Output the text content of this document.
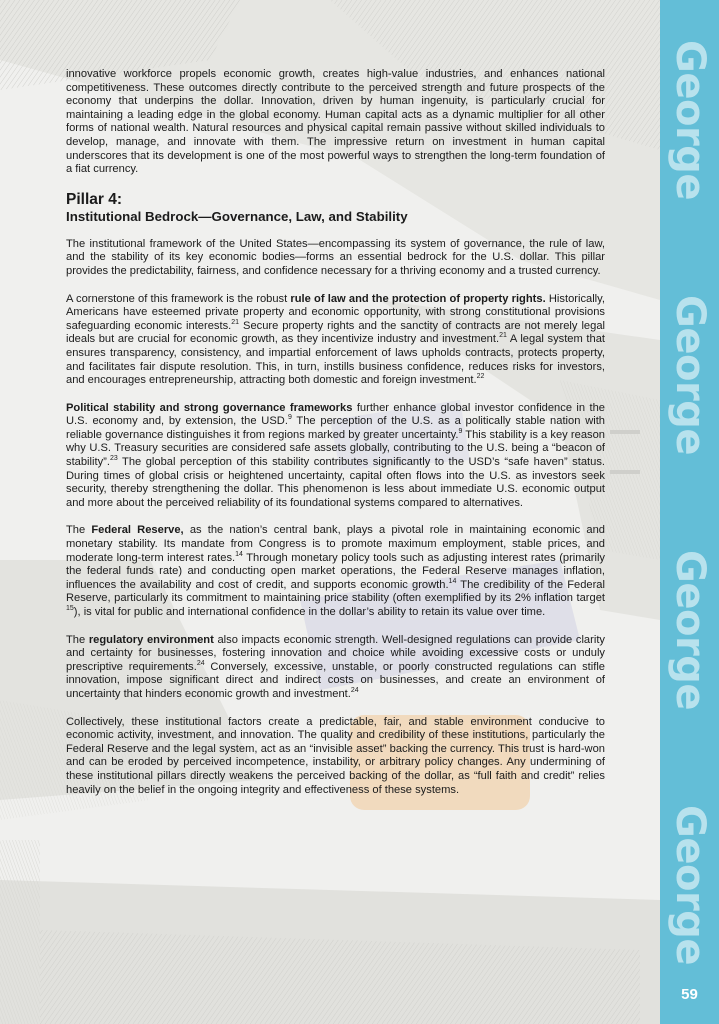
innovative workforce propels economic growth, creates high-value industries, and enhances national competitiveness. These outcomes directly contribute to the perceived strength and future prospects of the economy that underpins the dollar. Innovation, driven by human ingenuity, is particularly crucial for maintaining a leading edge in the global economy. Human capital acts as a dynamic multiplier for all other forms of national wealth. Natural resources and physical capital remain passive without skilled individuals to develop, manage, and innovate with them. The impressive return on investment in human capital underscores that its development is one of the most powerful ways to strengthen the long-term foundation of a fiat currency.

Pillar 4:
Institutional Bedrock—Governance, Law, and Stability

The institutional framework of the United States—encompassing its system of governance, the rule of law, and the stability of its key economic bodies—forms an essential bedrock for the U.S. dollar. This pillar provides the predictability, fairness, and confidence necessary for a thriving economy and a trusted currency.

A cornerstone of this framework is the robust rule of law and the protection of property rights. Historically, Americans have esteemed private property and economic opportunity, with strong constitutional provisions safeguarding economic interests.$^{21}$ Secure property rights and the sanctity of contracts are not merely legal ideals but are crucial for economic growth, as they incentivize industry and investment.$^{21}$ A legal system that ensures transparency, consistency, and impartial enforcement of laws upholds contracts, protects property, and facilitates fair dispute resolution. This, in turn, instills business confidence, reduces risks for investors, and encourages entrepreneurship, attracting both domestic and foreign investment.$^{22}$

Political stability and strong governance frameworks further enhance global investor confidence in the U.S. economy and, by extension, the USD.$^9$ The perception of the U.S. as a politically stable nation with reliable governance distinguishes it from regions marked by greater uncertainty.$^9$ This stability is a key reason why U.S. Treasury securities are considered safe assets globally, contributing to the U.S. being a “beacon of stability”.$^{23}$ The global perception of this stability contributes significantly to the USD’s “safe haven” status. During times of global crisis or heightened uncertainty, capital often flows into the U.S. as investors seek security, thereby strengthening the dollar. This phenomenon is less about immediate U.S. economic output and more about the perceived reliability of its foundational systems compared to alternatives.

The Federal Reserve, as the nation’s central bank, plays a pivotal role in maintaining economic and monetary stability. Its mandate from Congress is to promote maximum employment, stable prices, and moderate long-term interest rates.$^{14}$ Through monetary policy tools such as adjusting interest rates (primarily the federal funds rate) and conducting open market operations, the Federal Reserve manages inflation, influences the availability and cost of credit, and supports economic growth.$^{14}$ The credibility of the Federal Reserve, particularly its commitment to maintaining price stability (often exemplified by its 2% inflation target $^{15}$), is vital for public and international confidence in the dollar’s ability to retain its value over time.

The regulatory environment also impacts economic strength. Well-designed regulations can provide clarity and certainty for businesses, fostering innovation and choice while avoiding excessive costs or unduly prescriptive requirements.$^{24}$ Conversely, excessive, unstable, or poorly constructed regulations can stifle innovation, impose significant direct and indirect costs on businesses, and create an environment of uncertainty that hinders economic growth and investment.$^{24}$

Collectively, these institutional factors create a predictable, fair, and stable environment conducive to economic activity, investment, and innovation. The quality and credibility of these institutions, particularly the Federal Reserve and the legal system, act as an “invisible asset” backing the currency. This trust is hard-won and can be eroded by perceived incompetence, instability, or arbitrary policy changes. Any undermining of these institutional pillars directly weakens the perceived backing of the dollar, as “full faith and credit” relies heavily on the belief in the ongoing integrity and effectiveness of these systems.

George
George
George
George
59
